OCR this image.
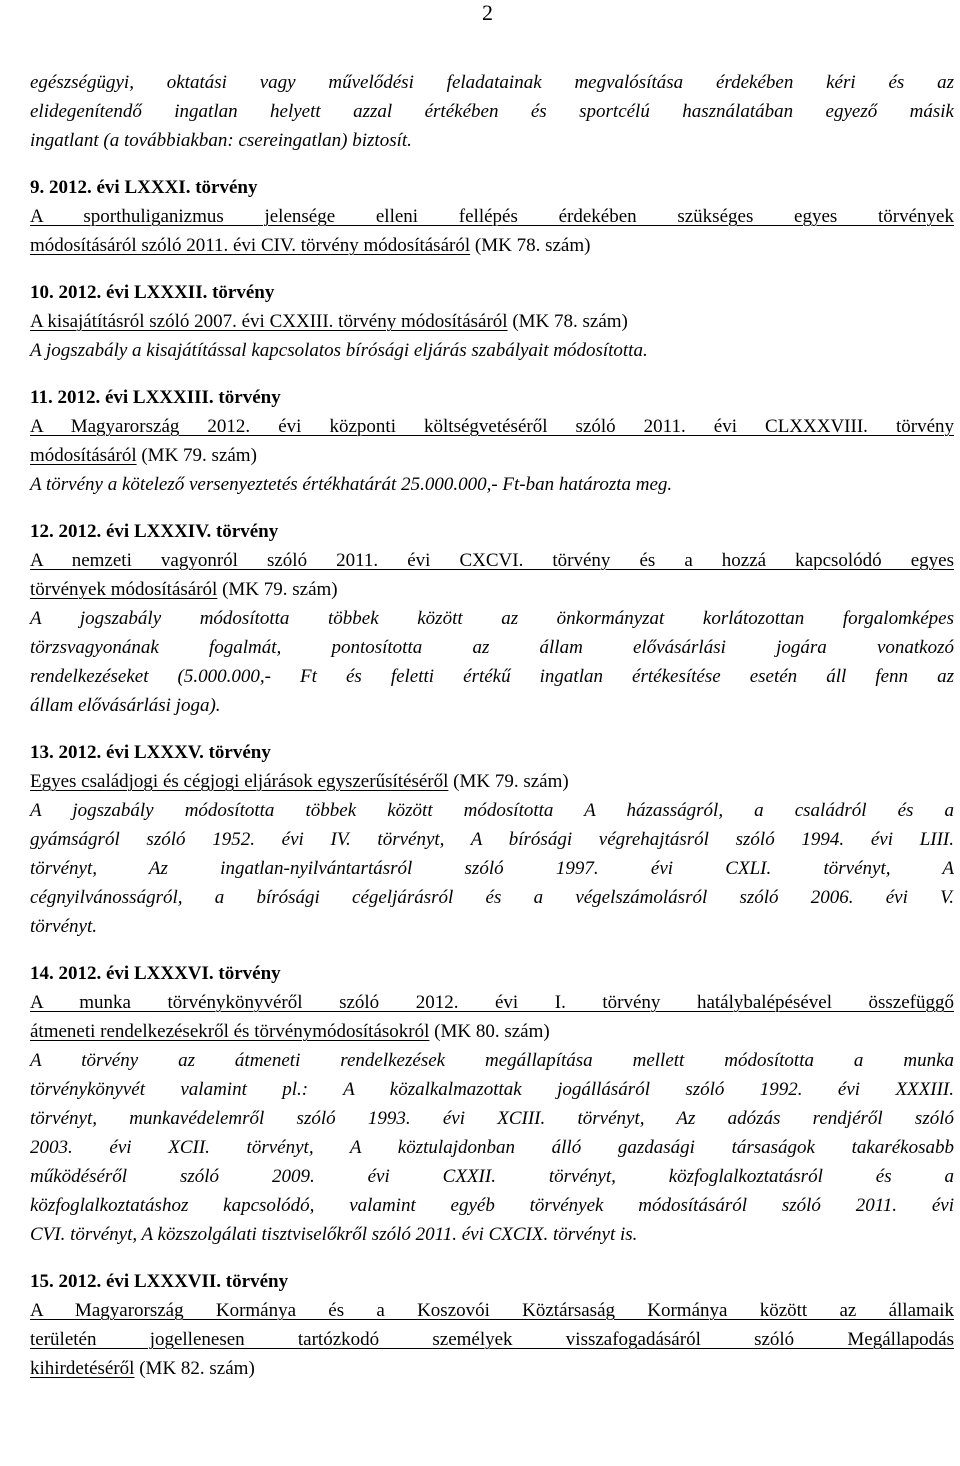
2

egészségügyi, oktatási vagy művelődési feladatainak megvalósítása érdekében kéri és az

elidegenítendő ingatlan helyett azzal értékében és sportcélú használatában egyező másik

ingatlant (a továbbiakban: csereingatlan) biztosít.

9. 2012. évi LXXXI. törvény

A sporthuliganizmus jelensége elleni fellépés érdekében szükséges egyes törvények

módosításáról szóló 2011. évi CIV. törvény módosításáról (MK 78. szám)

10. 2012. évi LXXXII. törvény

A kisajátításról szóló 2007. évi CXXIII. törvény módosításáról (MK 78. szám)

A jogszabály a kisajátítással kapcsolatos bírósági eljárás szabályait módosította.

11. 2012. évi LXXXIII. törvény

A Magyarország 2012. évi központi költségvetéséről szóló 2011. évi CLXXXVIII. törvény

módosításáról (MK 79. szám)

A törvény a kötelező versenyeztetés értékhatárát 25.000.000,- Ft-ban határozta meg.

12. 2012. évi LXXXIV. törvény

A nemzeti vagyonról szóló 2011. évi CXCVI. törvény és a hozzá kapcsolódó egyes

törvények módosításáról (MK 79. szám)

A jogszabály módosította többek között az önkormányzat korlátozottan forgalomképes

törzsvagyonának fogalmát, pontosította az állam elővásárlási jogára vonatkozó

rendelkezéseket (5.000.000,- Ft és feletti értékű ingatlan értékesítése esetén áll fenn az

állam elővásárlási joga).

13. 2012. évi LXXXV. törvény

Egyes családjogi és cégjogi eljárások egyszerűsítéséről (MK 79. szám)

A jogszabály módosította többek között módosította A házasságról, a családról és a

gyámságról szóló 1952. évi IV. törvényt, A bírósági végrehajtásról szóló 1994. évi LIII.

törvényt, Az ingatlan-nyilvántartásról szóló 1997. évi CXLI. törvényt, A

cégnyilvánosságról, a bírósági cégeljárásról és a végelszámolásról szóló 2006. évi V.

törvényt.

14. 2012. évi LXXXVI. törvény

A munka törvénykönyvéről szóló 2012. évi I. törvény hatálybalépésével összefüggő

átmeneti rendelkezésekről és törvénymódosításokról (MK 80. szám)

A törvény az átmeneti rendelkezések megállapítása mellett módosította a munka

törvénykönyvét valamint pl.: A közalkalmazottak jogállásáról szóló 1992. évi XXXIII.

törvényt, munkavédelemről szóló 1993. évi XCIII. törvényt, Az adózás rendjéről szóló

2003. évi XCII. törvényt, A köztulajdonban álló gazdasági társaságok takarékosabb

működéséről szóló 2009. évi CXXII. törvényt, közfoglalkoztatásról és a

közfoglalkoztatáshoz kapcsolódó, valamint egyéb törvények módosításáról szóló 2011. évi

CVI. törvényt, A közszolgálati tisztviselőkről szóló 2011. évi CXCIX. törvényt is.

15. 2012. évi LXXXVII. törvény

A Magyarország Kormánya és a Koszovói Köztársaság Kormánya között az államaik

területén jogellenesen tartózkodó személyek visszafogadásáról szóló Megállapodás

kihirdetéséről (MK 82. szám)
